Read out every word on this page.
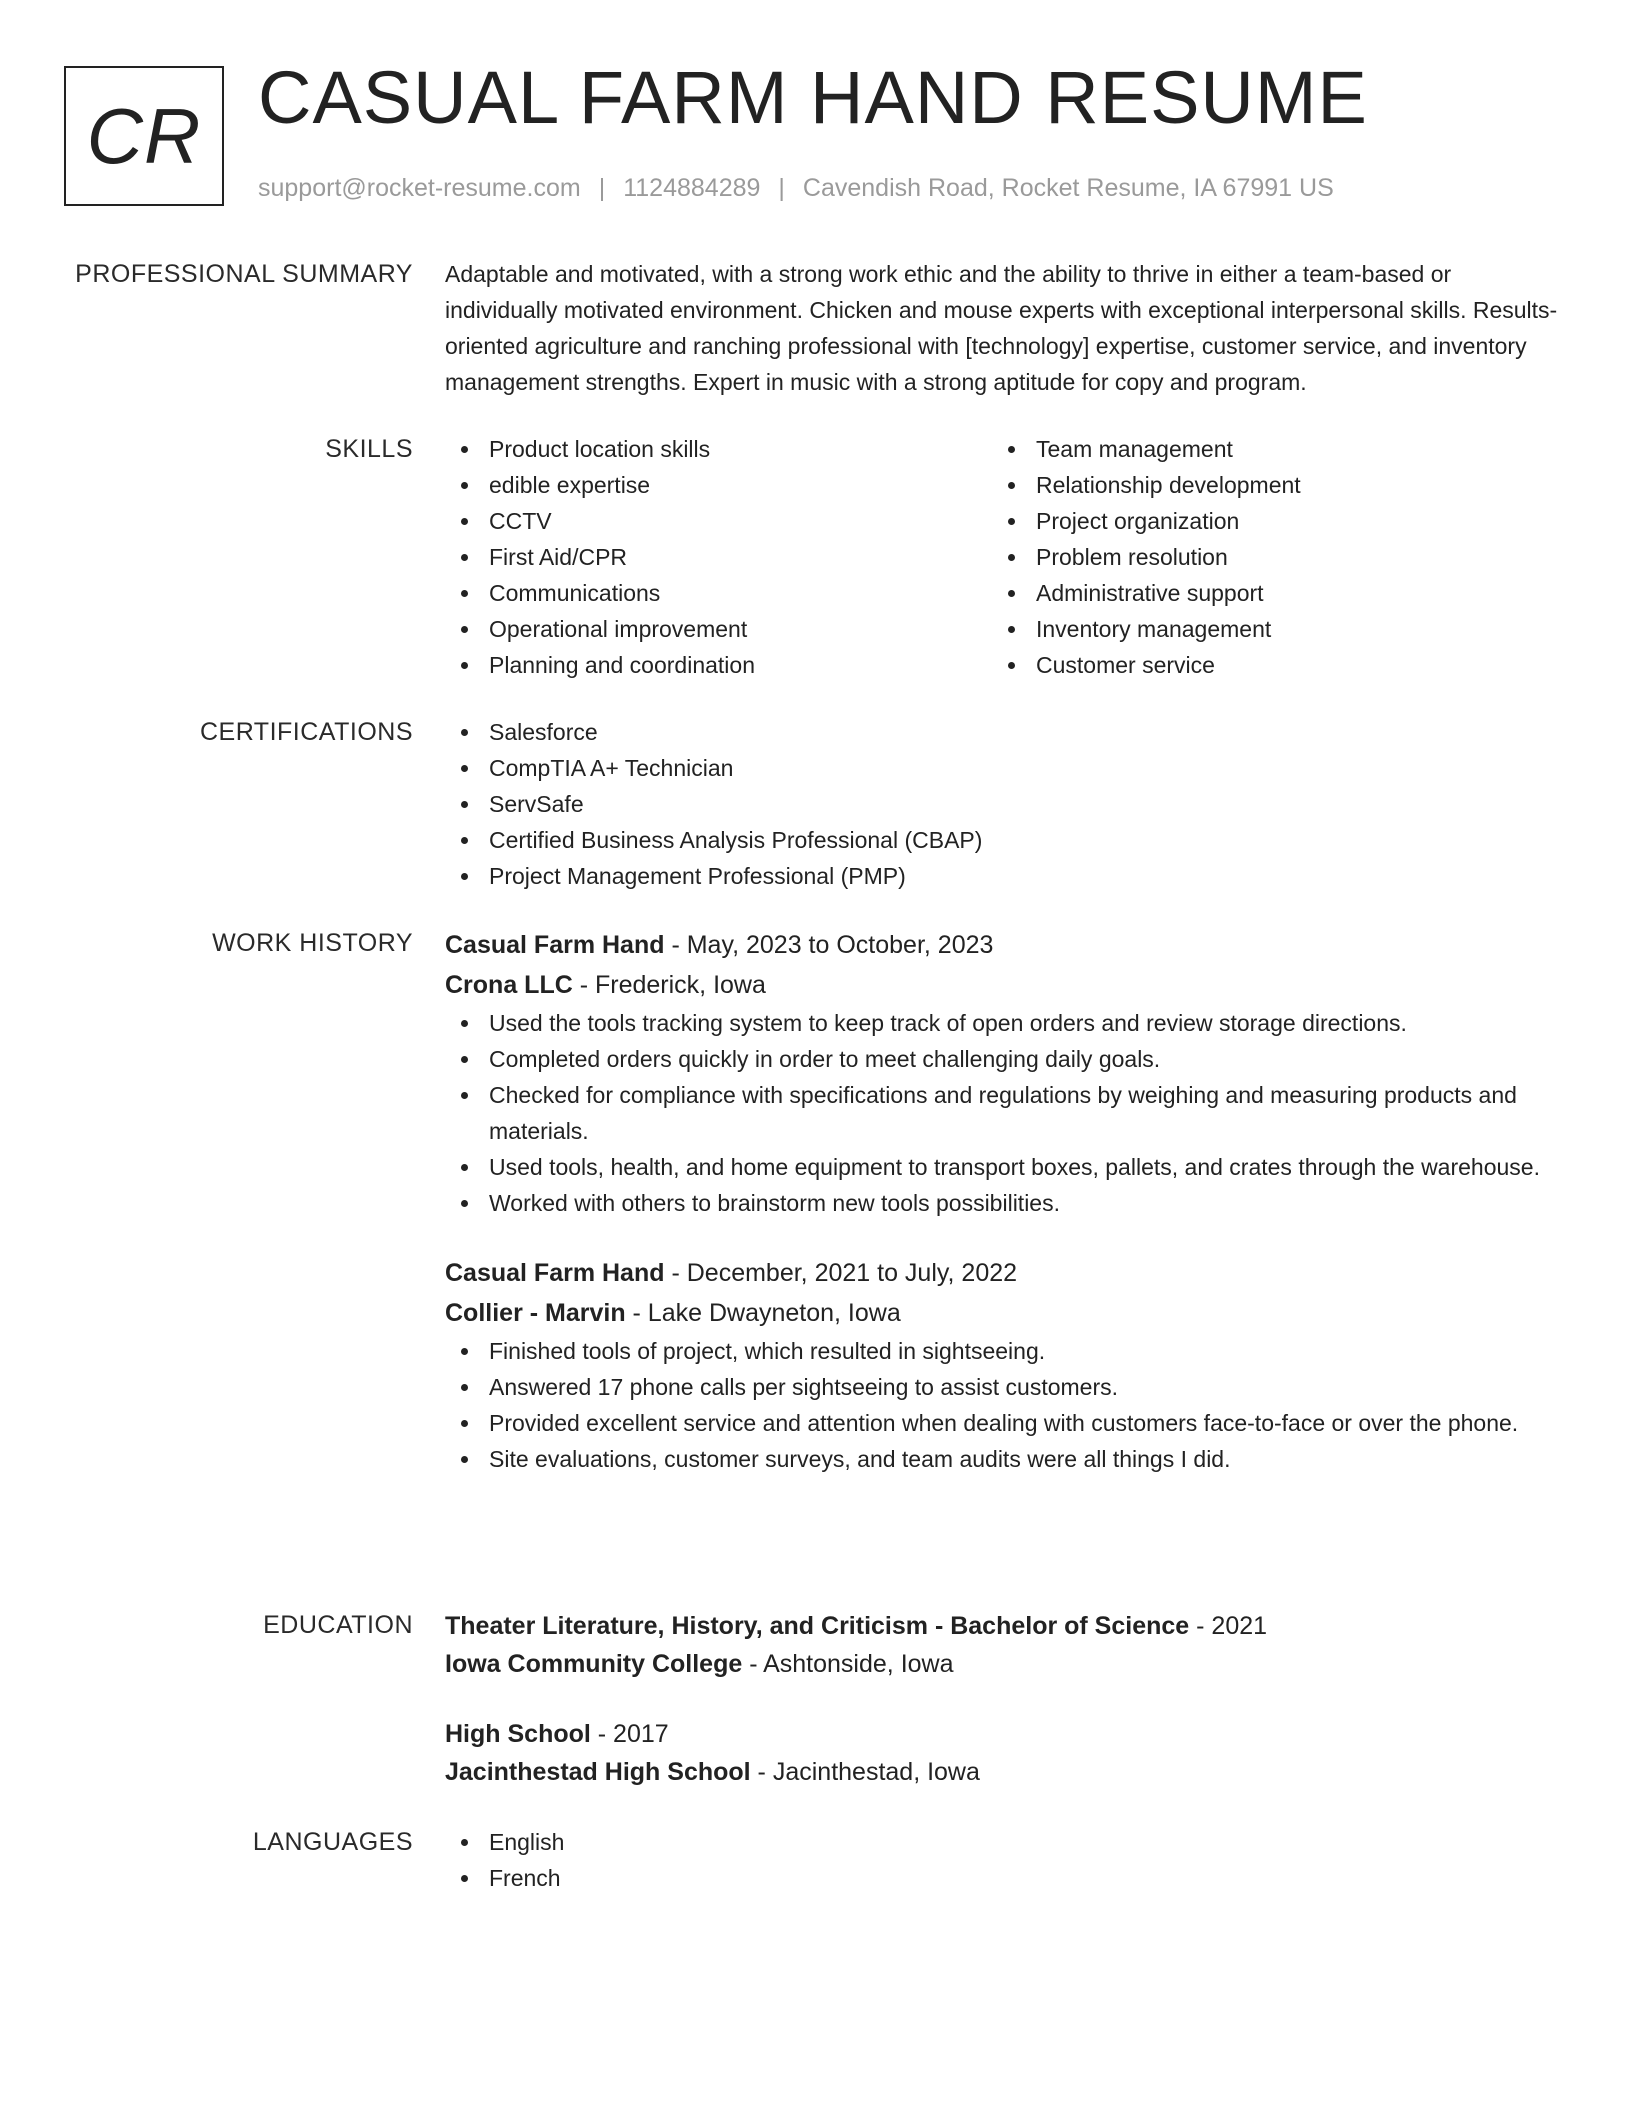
CR CASUAL FARM HAND RESUME
support@rocket-resume.com | 1124884289 | Cavendish Road, Rocket Resume, IA 67991 US
PROFESSIONAL SUMMARY Adaptable and motivated, with a strong work ethic and the ability to thrive in either a team-based or individually motivated environment. Chicken and mouse experts with exceptional interpersonal skills. Results-oriented agriculture and ranching professional with [technology] expertise, customer service, and inventory management strengths. Expert in music with a strong aptitude for copy and program.

SKILLS	Product location skills
edible expertise
CCTV
First Aid/CPR
Communications
Operational improvement
Planning and coordination
Team management
Relationship development
Project organization
Problem resolution
Administrative support
Inventory management
Customer service
CERTIFICATIONS	Salesforce
CompTIA A+ Technician
ServSafe
Certified Business Analysis Professional (CBAP)
Project Management Professional (PMP)
WORK HISTORY Casual Farm Hand - May, 2023 to October, 2023
Crona LLC - Frederick, Iowa
Used the tools tracking system to keep track of open orders and review storage directions.
Completed orders quickly in order to meet challenging daily goals.
Checked for compliance with specifications and regulations by weighing and measuring products and materials.
Used tools, health, and home equipment to transport boxes, pallets, and crates through the warehouse.
Worked with others to brainstorm new tools possibilities.
Casual Farm Hand - December, 2021 to July, 2022
Collier - Marvin - Lake Dwayneton, Iowa
Finished tools of project, which resulted in sightseeing.
Answered 17 phone calls per sightseeing to assist customers.
Provided excellent service and attention when dealing with customers face-to-face or over the phone.
Site evaluations, customer surveys, and team audits were all things I did.
EDUCATION Theater Literature, History, and Criticism - Bachelor of Science - 2021
Iowa Community College - Ashtonside, Iowa
High School - 2017
Jacinthestad High School - Jacinthestad, Iowa
LANGUAGES	English
French
